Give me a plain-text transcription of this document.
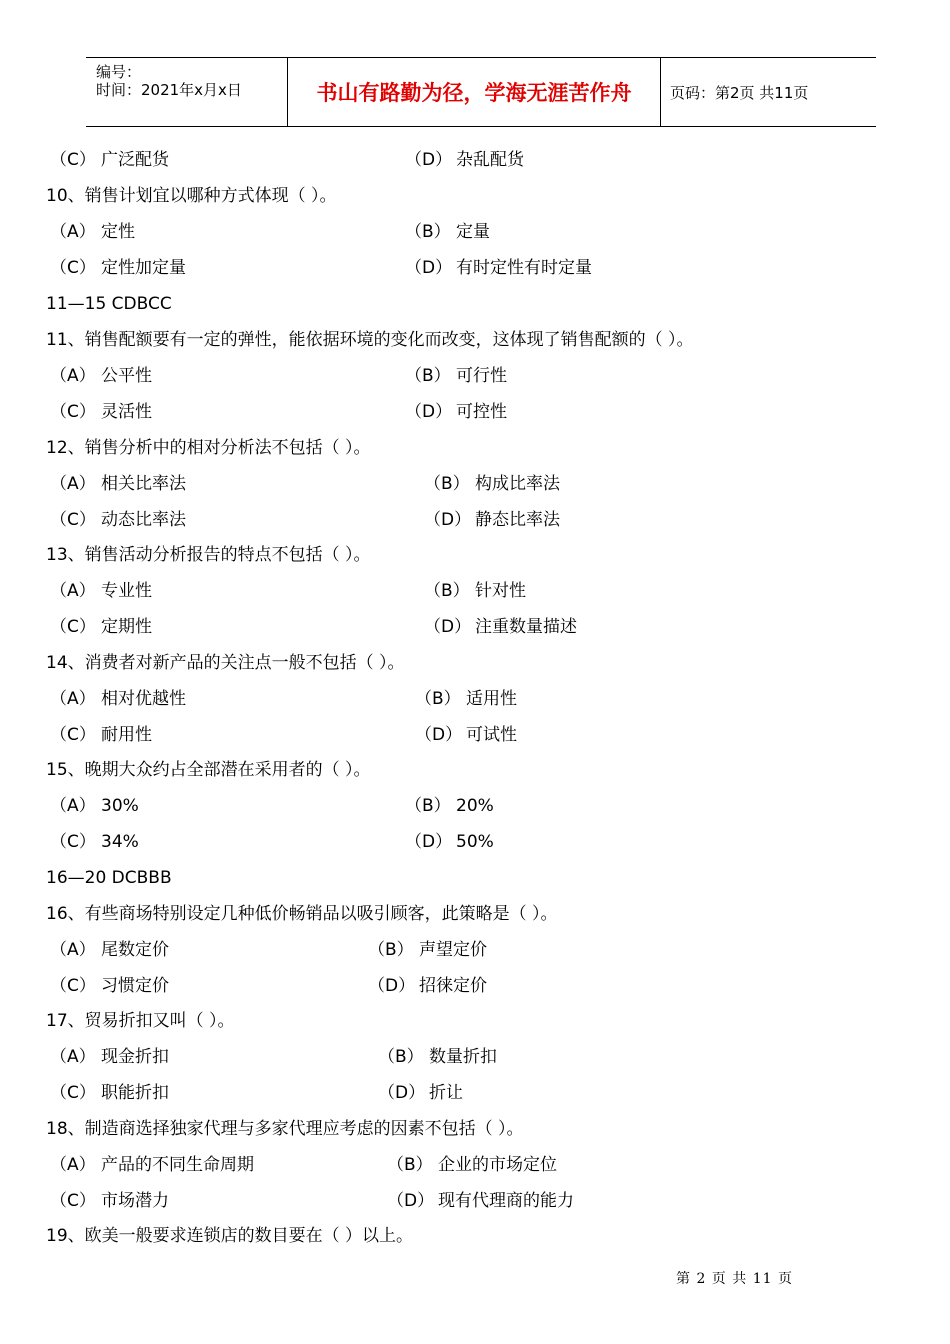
编号：
时间：2021年x月x日	书山有路勤为径，学海无涯苦作舟	页码：第2页 共11页
（C） 广泛配货	（D） 杂乱配货
10、销售计划宜以哪种方式体现（ ）。
（A） 定性	（B） 定量
（C） 定性加定量	（D） 有时定性有时定量
11—15 CDBCC
11、销售配额要有一定的弹性，能依据环境的变化而改变，这体现了销售配额的（ ）。
（A） 公平性	（B） 可行性
（C） 灵活性	（D） 可控性
12、销售分析中的相对分析法不包括（ ）。
（A） 相关比率法	（B） 构成比率法
（C） 动态比率法	（D） 静态比率法
13、销售活动分析报告的特点不包括（ ）。
（A） 专业性	（B） 针对性
（C） 定期性	（D） 注重数量描述
14、消费者对新产品的关注点一般不包括（ ）。
（A） 相对优越性	（B） 适用性
（C） 耐用性	（D） 可试性
15、晚期大众约占全部潜在采用者的（ ）。
（A） 30%	（B） 20%
（C） 34%	（D） 50%
16—20 DCBBB
16、有些商场特别设定几种低价畅销品以吸引顾客，此策略是（ ）。
（A） 尾数定价	（B） 声望定价
（C） 习惯定价	（D） 招徕定价
17、贸易折扣又叫（ ）。
（A） 现金折扣	（B） 数量折扣
（C） 职能折扣	（D） 折让
18、制造商选择独家代理与多家代理应考虑的因素不包括（ ）。
（A） 产品的不同生命周期	（B） 企业的市场定位
（C） 市场潜力	（D） 现有代理商的能力
19、欧美一般要求连锁店的数目要在（ ）以上。
第 2 页 共 11 页
